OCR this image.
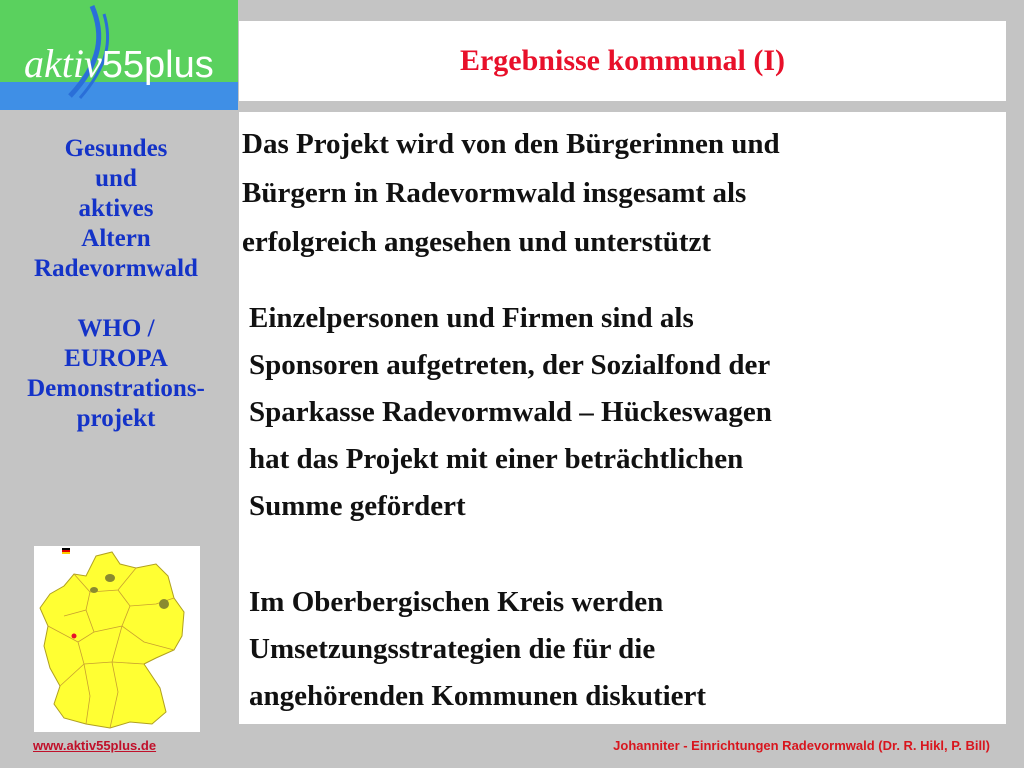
aktiv55plus	Ergebnisse kommunal (I)
Gesundes
und
aktives
Altern
Radevormwald
WHO /
EUROPA
Demonstrations-
projekt

Das Projekt wird von den Bürgerinnen und
Bürgern in Radevormwald insgesamt als
erfolgreich angesehen und unterstützt

Einzelpersonen und Firmen sind als
Sponsoren aufgetreten, der Sozialfond der
Sparkasse Radevormwald – Hückeswagen
hat das Projekt mit einer beträchtlichen
Summe gefördert

Im Oberbergischen Kreis werden
Umsetzungsstrategien die für die
angehörenden Kommunen diskutiert

www.aktiv55plus.de	Johanniter - Einrichtungen Radevormwald (Dr. R. Hikl, P. Bill)
